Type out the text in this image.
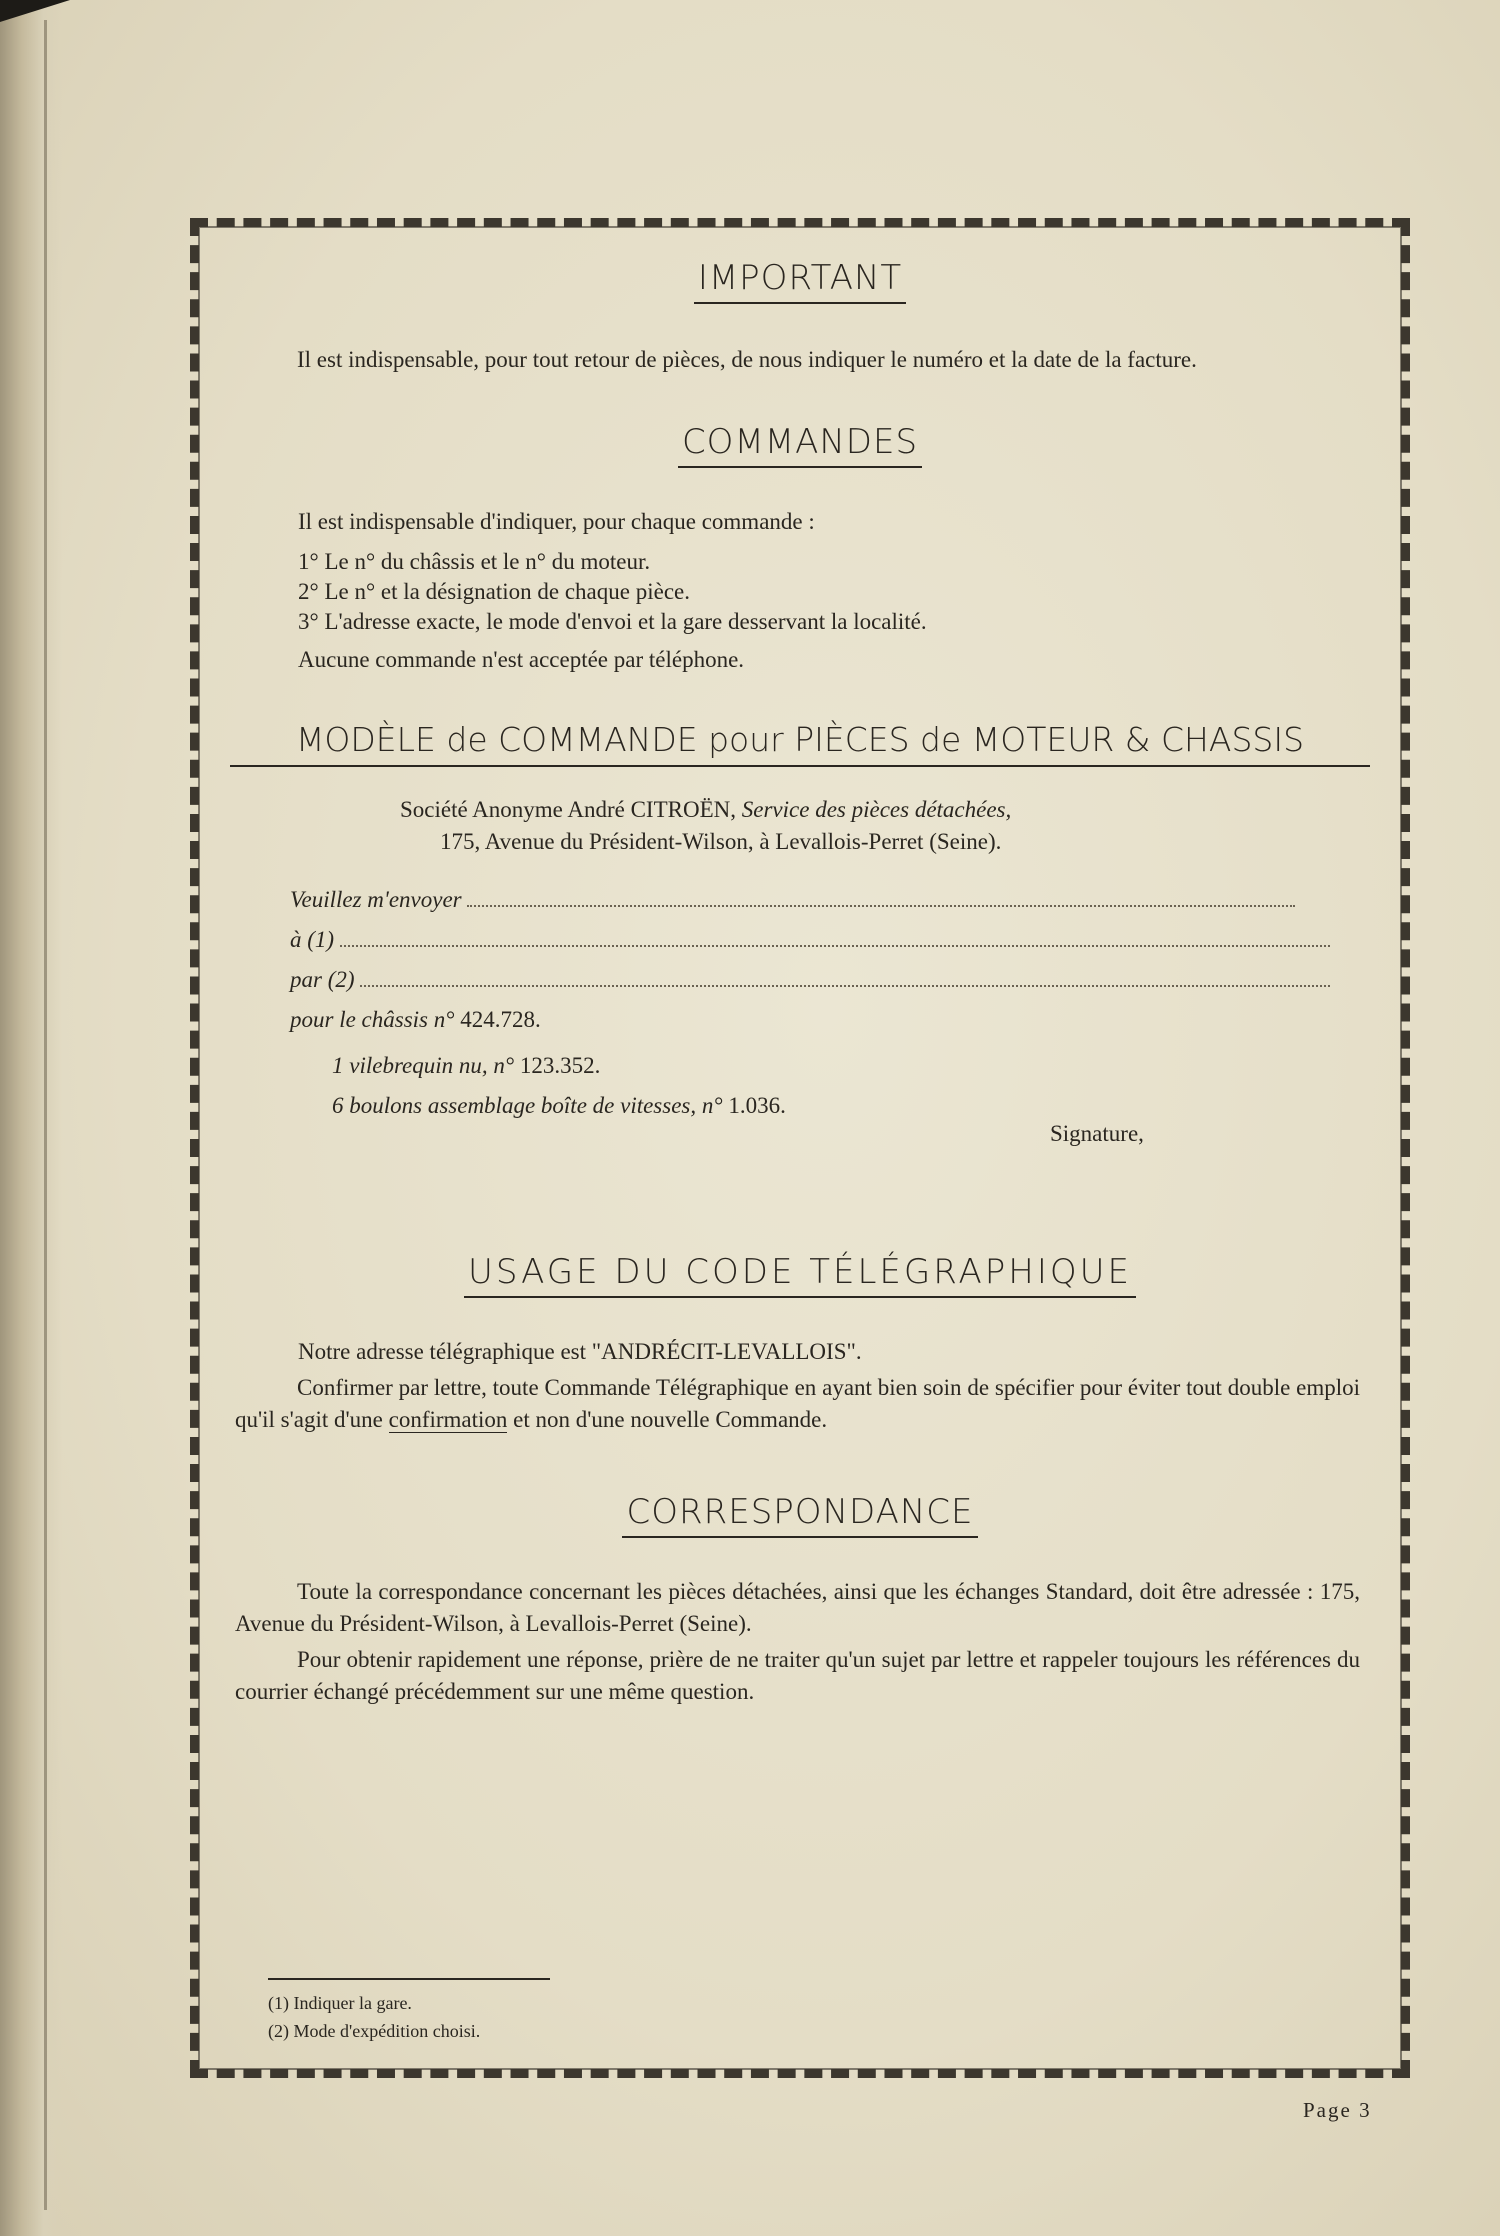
IMPORTANT
Il est indispensable, pour tout retour de pièces, de nous indiquer le numéro et la date de la facture.
COMMANDES
Il est indispensable d'indiquer, pour chaque commande :
1° Le n° du châssis et le n° du moteur.
2° Le n° et la désignation de chaque pièce.
3° L'adresse exacte, le mode d'envoi et la gare desservant la localité.
Aucune commande n'est acceptée par téléphone.
MODÈLE de COMMANDE pour PIÈCES de MOTEUR & CHASSIS
Société Anonyme André CITROËN, Service des pièces détachées,
175, Avenue du Président-Wilson, à Levallois-Perret (Seine).
Veuillez m'envoyer
à (1)
par (2)
pour le châssis n° 424.728.
1 vilebrequin nu, n° 123.352.
6 boulons assemblage boîte de vitesses, n° 1.036.
Signature,
USAGE DU CODE TÉLÉGRAPHIQUE
Notre adresse télégraphique est "ANDRÉCIT-LEVALLOIS".
Confirmer par lettre, toute Commande Télégraphique en ayant bien soin de spécifier pour éviter tout double emploi qu'il s'agit d'une confirmation et non d'une nouvelle Commande.
CORRESPONDANCE
Toute la correspondance concernant les pièces détachées, ainsi que les échanges Standard, doit être adressée : 175, Avenue du Président-Wilson, à Levallois-Perret (Seine).
Pour obtenir rapidement une réponse, prière de ne traiter qu'un sujet par lettre et rappeler toujours les références du courrier échangé précédemment sur une même question.
(1) Indiquer la gare.
(2) Mode d'expédition choisi.
Page 3
